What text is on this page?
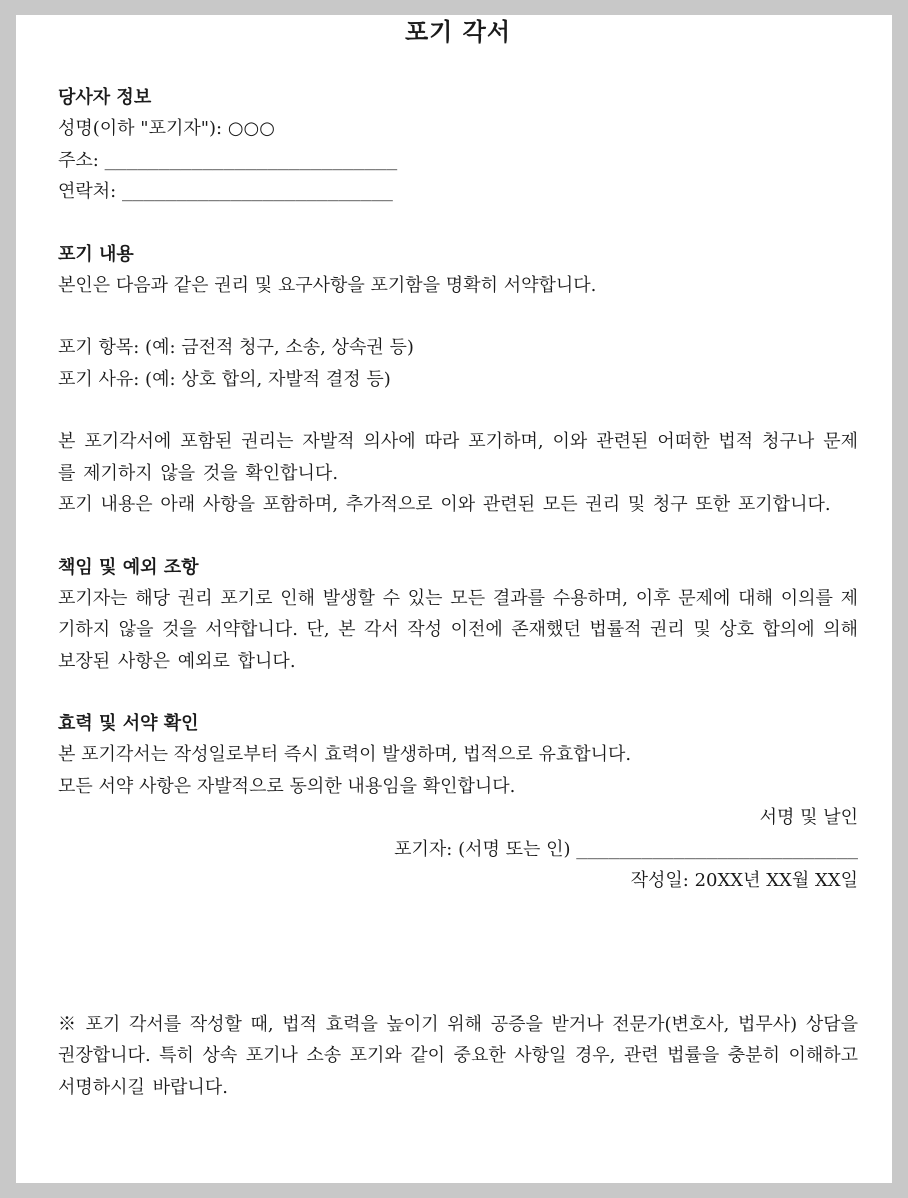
포기 각서

당사자 정보

성명(이하 "포기자"): ○○○

주소: ___________________________

연락처: _________________________

포기 내용

본인은 다음과 같은 권리 및 요구사항을 포기함을 명확히 서약합니다.

포기 항목: (예: 금전적 청구, 소송, 상속권 등)

포기 사유: (예: 상호 합의, 자발적 결정 등)

본 포기각서에 포함된 권리는 자발적 의사에 따라 포기하며, 이와 관련된 어떠한 법적 청구나 문제를 제기하지 않을 것을 확인합니다.

포기 내용은 아래 사항을 포함하며, 추가적으로 이와 관련된 모든 권리 및 청구 또한 포기합니다.

책임 및 예외 조항

포기자는 해당 권리 포기로 인해 발생할 수 있는 모든 결과를 수용하며, 이후 문제에 대해 이의를 제기하지 않을 것을 서약합니다. 단, 본 각서 작성 이전에 존재했던 법률적 권리 및 상호 합의에 의해 보장된 사항은 예외로 합니다.

효력 및 서약 확인

본 포기각서는 작성일로부터 즉시 효력이 발생하며, 법적으로 유효합니다.

모든 서약 사항은 자발적으로 동의한 내용임을 확인합니다.

서명 및 날인

포기자: (서명 또는 인) __________________________

작성일: 20XX년 XX월 XX일

※ 포기 각서를 작성할 때, 법적 효력을 높이기 위해 공증을 받거나 전문가(변호사, 법무사) 상담을 권장합니다. 특히 상속 포기나 소송 포기와 같이 중요한 사항일 경우, 관련 법률을 충분히 이해하고 서명하시길 바랍니다.
